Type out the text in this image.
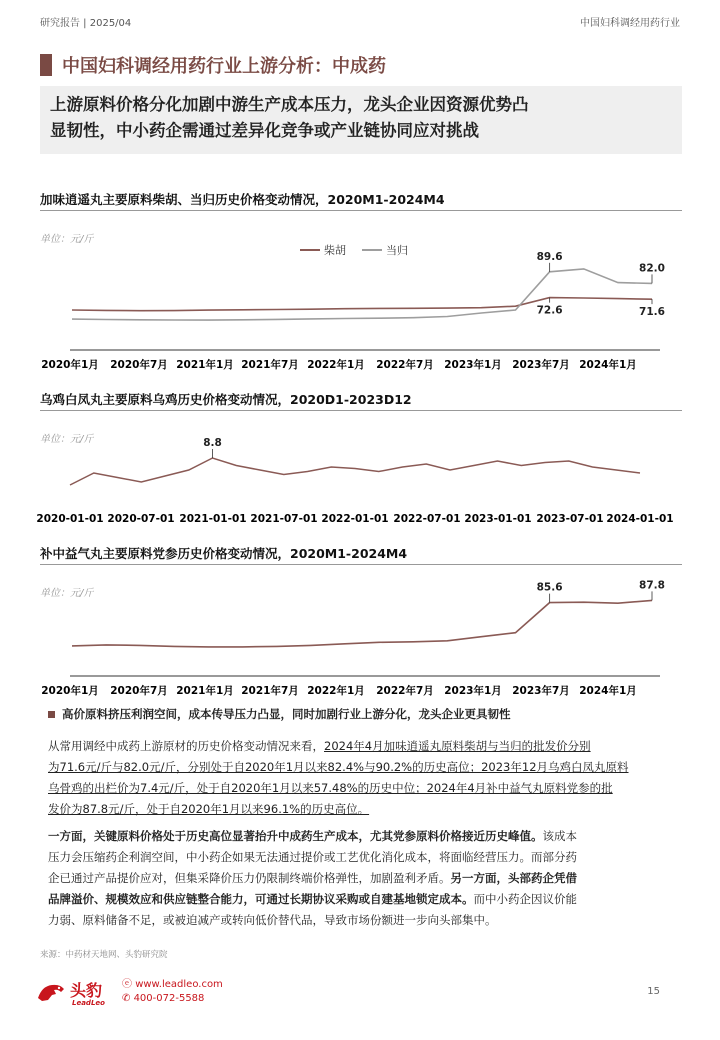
研究报告 | 2025/04	中国妇科调经用药行业
中国妇科调经用药行业上游分析：中成药
上游原料价格分化加剧中游生产成本压力，龙头企业因资源优势凸
显韧性，中小药企需通过差异化竞争或产业链协同应对挑战
加味逍遥丸主要原料柴胡、当归历史价格变动情况，2020M1-2024M4
单位：元/斤
柴胡	当归
2020年1月 2020年7月 2021年1月 2021年7月 2022年1月 2022年7月 2023年1月 2023年7月 2024年1月
89.6
72.6
82.0
71.6
乌鸡白凤丸主要原料乌鸡历史价格变动情况，2020D1-2023D12
单位：元/斤
2020-01-01 2020-07-01 2021-01-01 2021-07-01 2022-01-01 2022-07-01 2023-01-01 2023-07-01 2024-01-01
8.8
补中益气丸主要原料党参历史价格变动情况，2020M1-2024M4
单位：元/斤
2020年1月 2020年7月 2021年1月 2021年7月 2022年1月 2022年7月 2023年1月 2023年7月 2024年1月
85.6	87.8
高价原料挤压利润空间，成本传导压力凸显，同时加剧行业上游分化，龙头企业更具韧性
从常用调经中成药上游原材的历史价格变动情况来看，2024年4月加味逍遥丸原料柴胡与当归的批发价分别
为71.6元/斤与82.0元/斤，分别处于自2020年1月以来82.4%与90.2%的历史高位；2023年12月乌鸡白凤丸原料
乌骨鸡的出栏价为7.4元/斤，处于自2020年1月以来57.48%的历史中位；2024年4月补中益气丸原料党参的批
发价为87.8元/斤，处于自2020年1月以来96.1%的历史高位。
一方面，关键原料价格处于历史高位显著抬升中成药生产成本，尤其党参原料价格接近历史峰值。该成本
压力会压缩药企利润空间，中小药企如果无法通过提价或工艺优化消化成本，将面临经营压力。而部分药
企已通过产品提价应对，但集采降价压力仍限制终端价格弹性，加剧盈利矛盾。另一方面，头部药企凭借
品牌溢价、规模效应和供应链整合能力，可通过长期协议采购或自建基地锁定成本。而中小药企因议价能
力弱、原料储备不足，或被迫减产或转向低价替代品，导致市场份额进一步向头部集中。
来源：中药材天地网、头豹研究院
头豹
LeadLeo
ⓔ www.leadleo.com
✆ 400-072-5588
15
